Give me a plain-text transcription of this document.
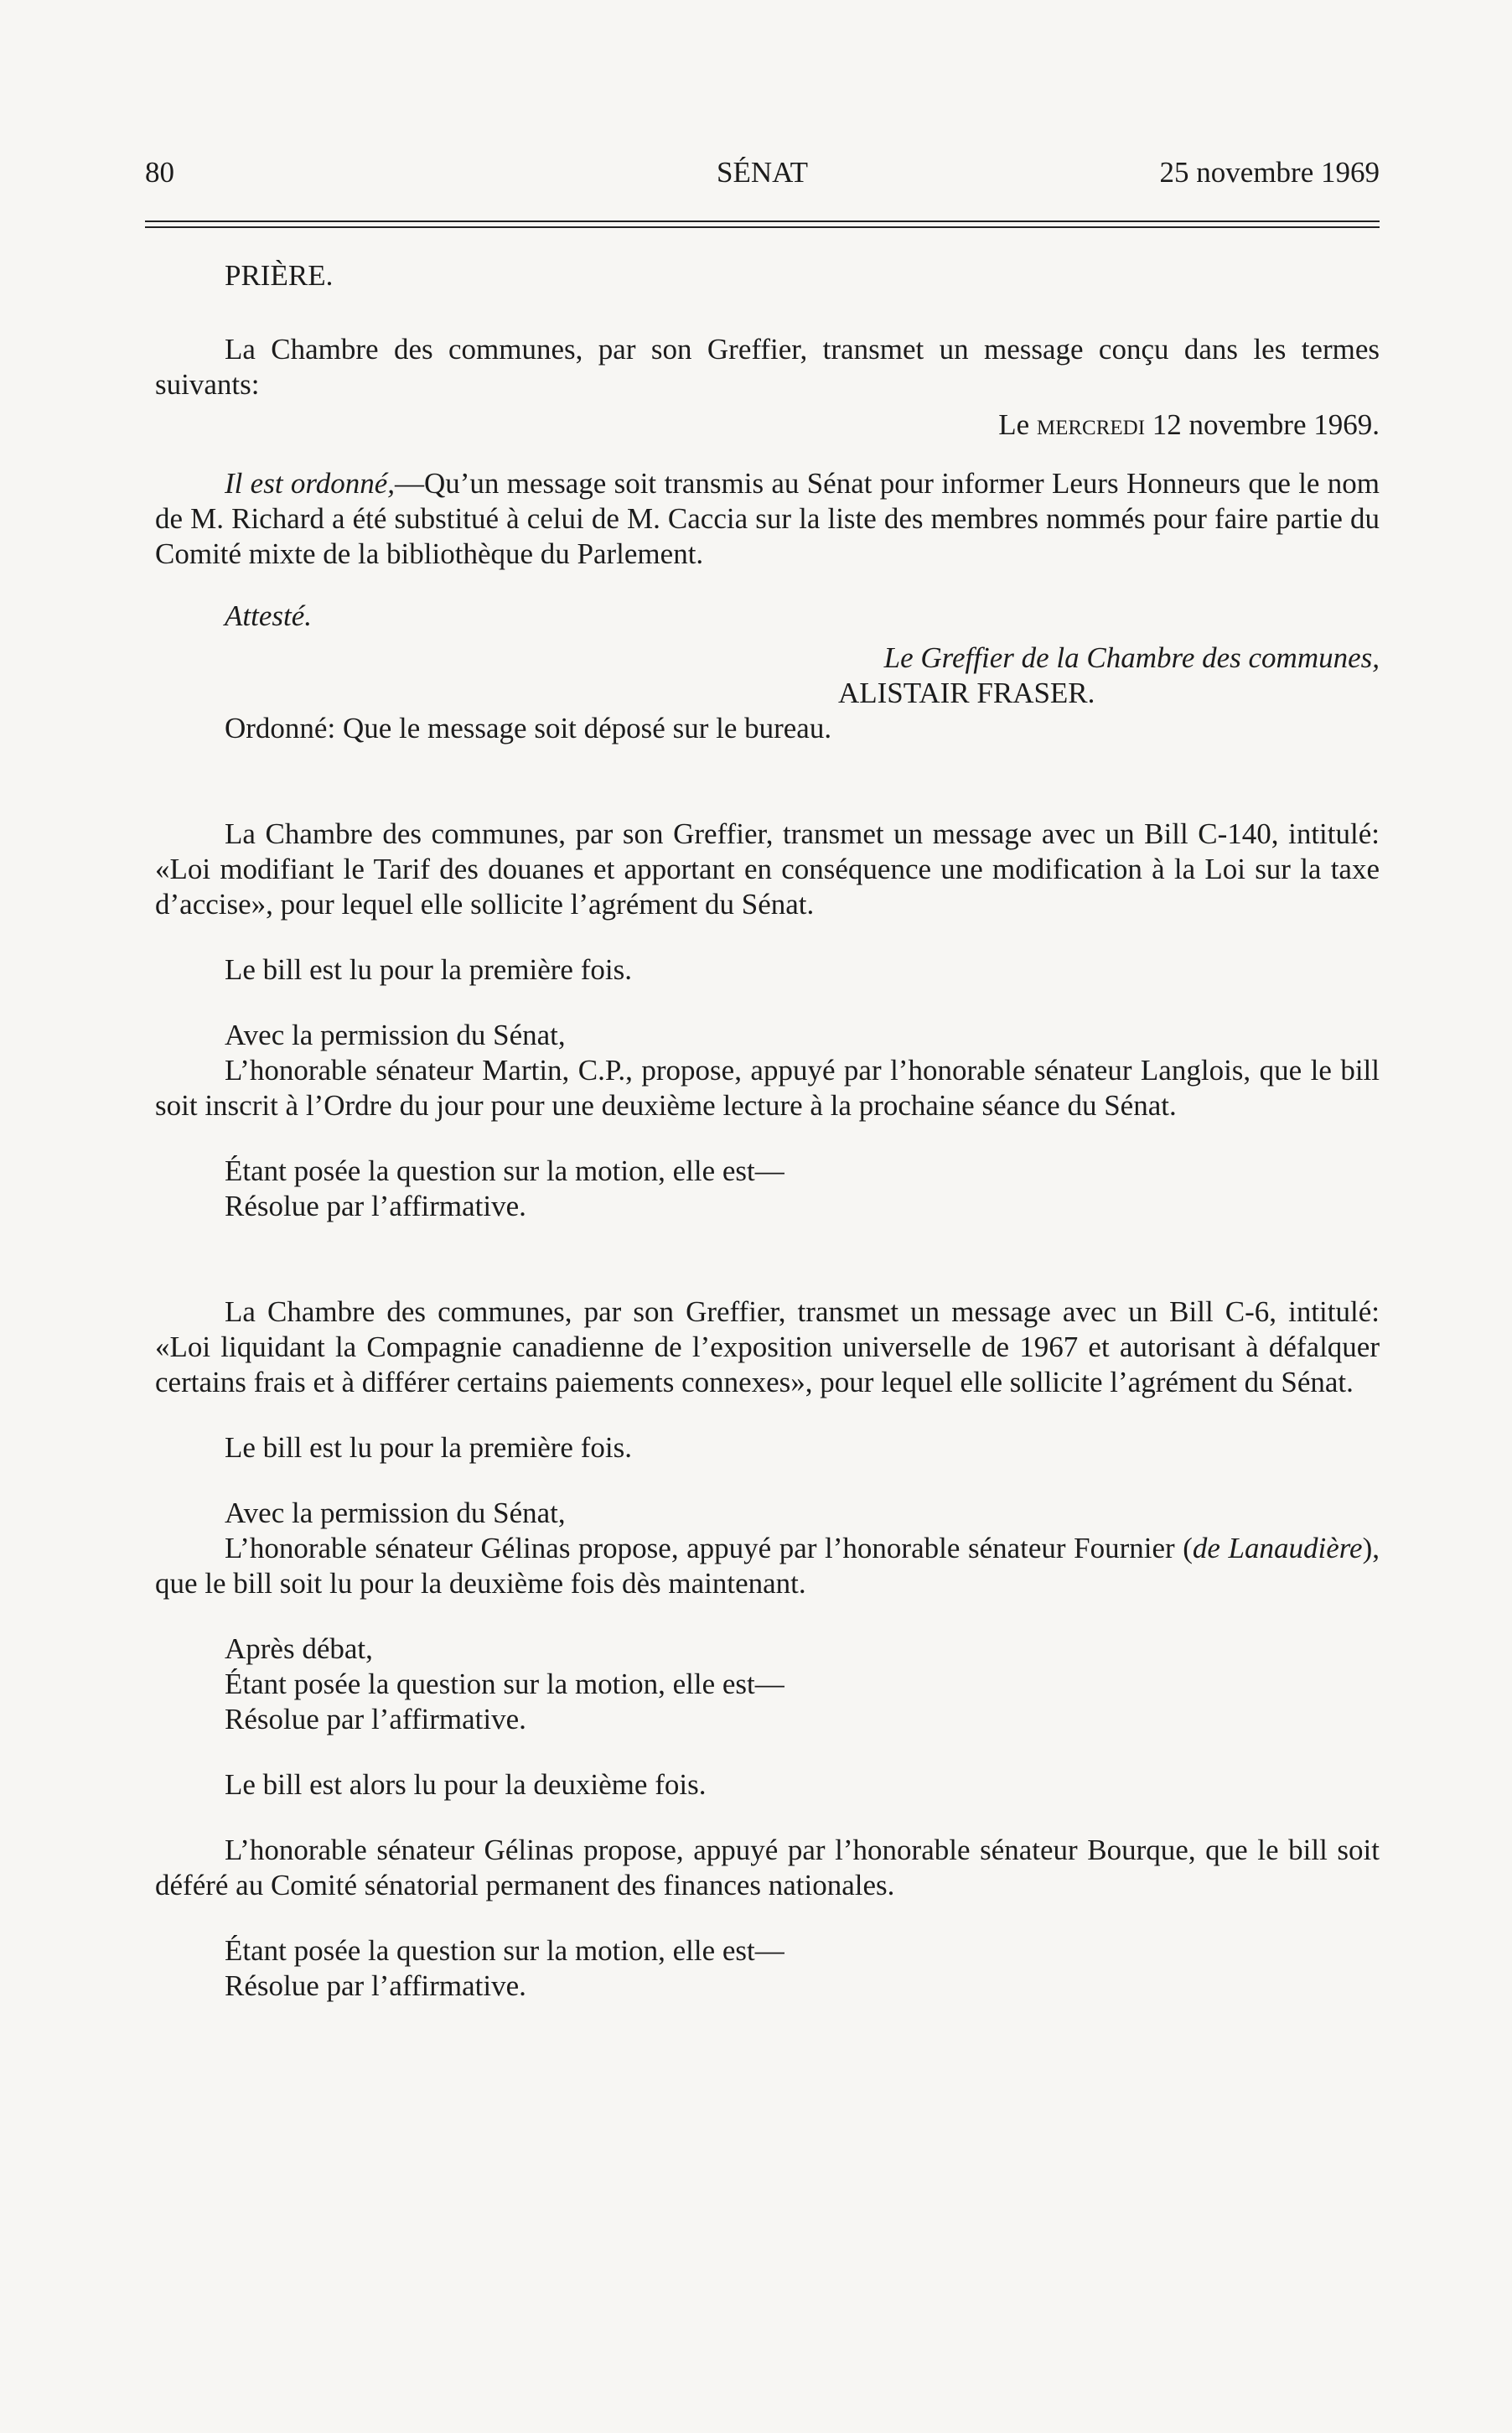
80	SÉNAT	25 novembre 1969

PRIÈRE.

La Chambre des communes, par son Greffier, transmet un message conçu dans les termes suivants:

Le mercredi 12 novembre 1969.

Il est ordonné,—Qu’un message soit transmis au Sénat pour informer Leurs Honneurs que le nom de M. Richard a été substitué à celui de M. Caccia sur la liste des membres nommés pour faire partie du Comité mixte de la bibliothèque du Parlement.

Attesté.

Le Greffier de la Chambre des communes,

ALISTAIR FRASER.

Ordonné: Que le message soit déposé sur le bureau.

La Chambre des communes, par son Greffier, transmet un message avec un Bill C-140, intitulé: «Loi modifiant le Tarif des douanes et apportant en conséquence une modification à la Loi sur la taxe d’accise», pour lequel elle sollicite l’agrément du Sénat.

Le bill est lu pour la première fois.

Avec la permission du Sénat,

L’honorable sénateur Martin, C.P., propose, appuyé par l’honorable sénateur Langlois, que le bill soit inscrit à l’Ordre du jour pour une deuxième lecture à la prochaine séance du Sénat.

Étant posée la question sur la motion, elle est—

Résolue par l’affirmative.

La Chambre des communes, par son Greffier, transmet un message avec un Bill C-6, intitulé: «Loi liquidant la Compagnie canadienne de l’exposition universelle de 1967 et autorisant à défalquer certains frais et à différer certains paiements connexes», pour lequel elle sollicite l’agrément du Sénat.

Le bill est lu pour la première fois.

Avec la permission du Sénat,

L’honorable sénateur Gélinas propose, appuyé par l’honorable sénateur Fournier (de Lanaudière), que le bill soit lu pour la deuxième fois dès maintenant.

Après débat,

Étant posée la question sur la motion, elle est—

Résolue par l’affirmative.

Le bill est alors lu pour la deuxième fois.

L’honorable sénateur Gélinas propose, appuyé par l’honorable sénateur Bourque, que le bill soit déféré au Comité sénatorial permanent des finances nationales.

Étant posée la question sur la motion, elle est—

Résolue par l’affirmative.
